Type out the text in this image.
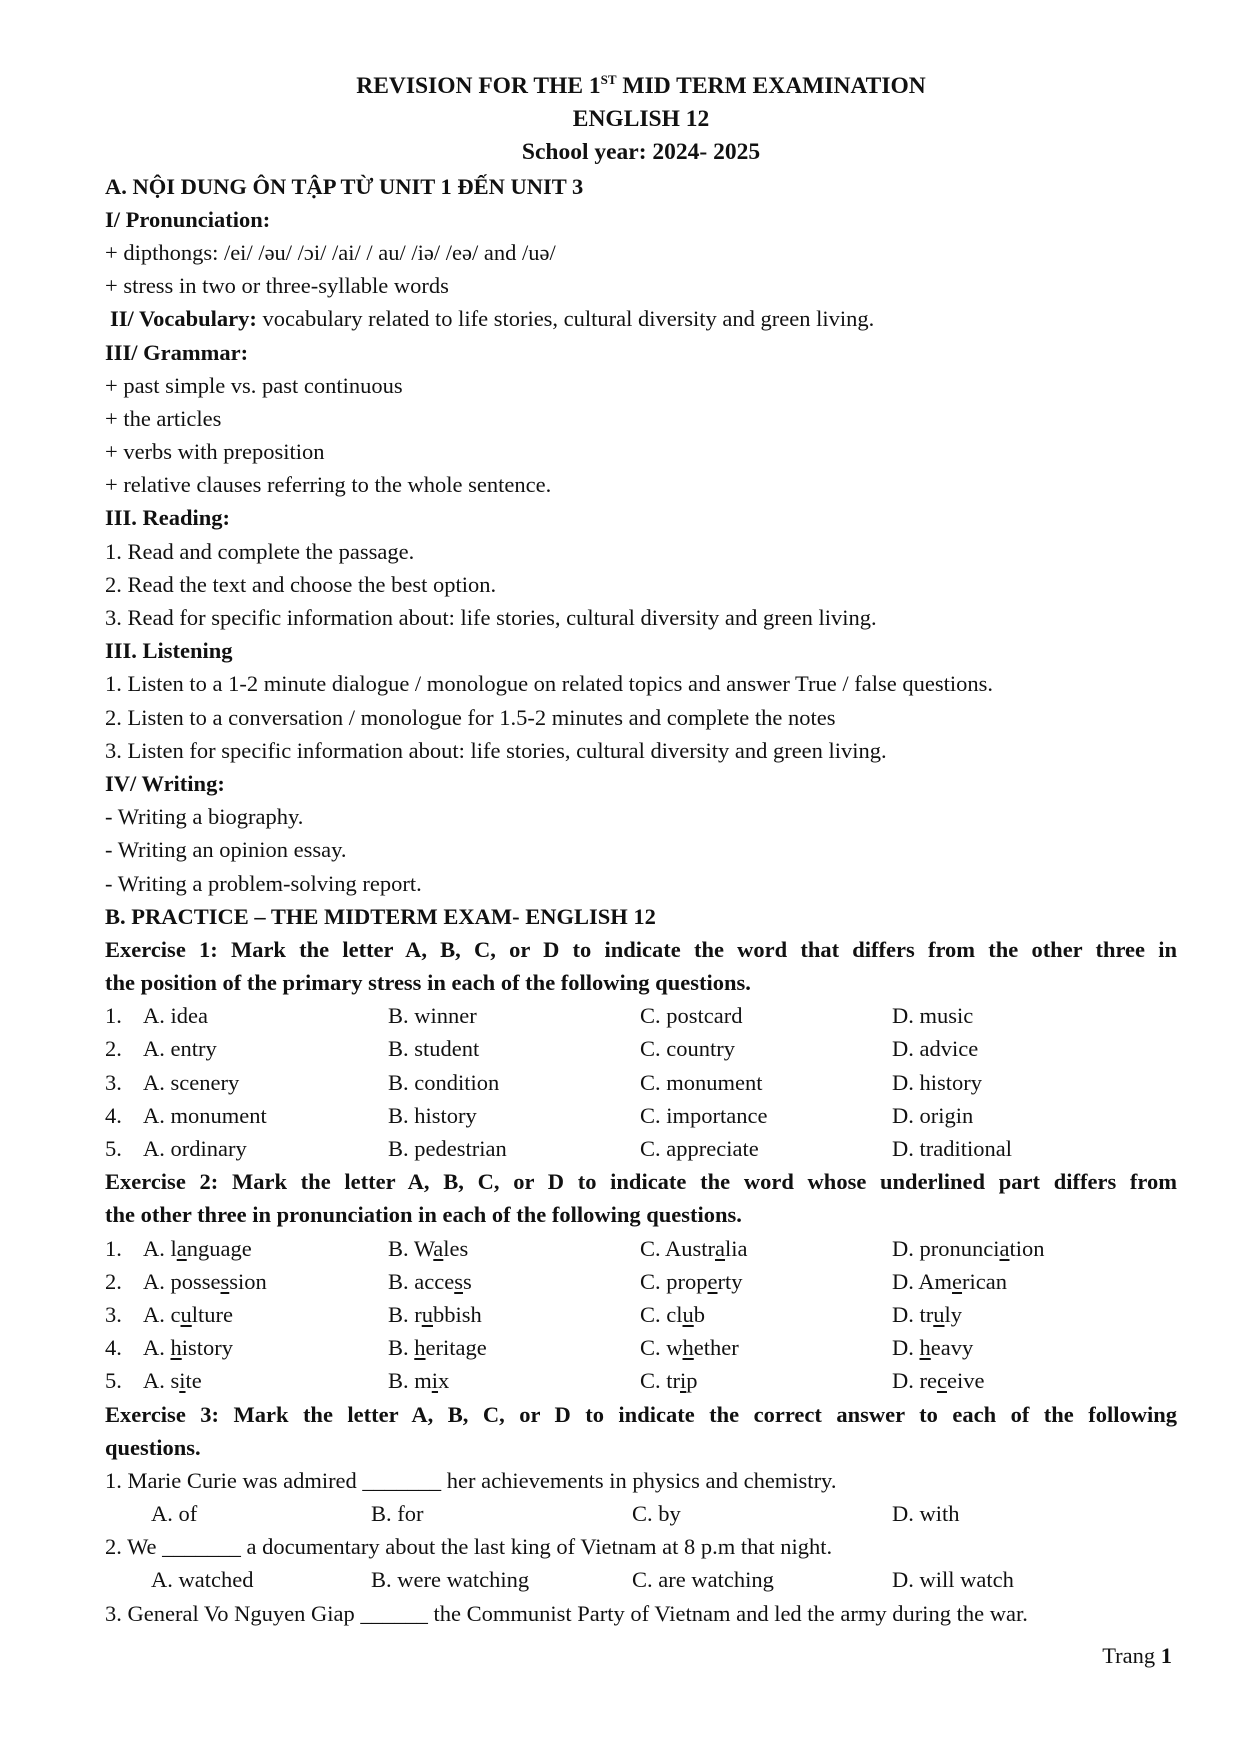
REVISION FOR THE 1ST MID TERM EXAMINATION
ENGLISH 12
School year: 2024- 2025
A. NỘI DUNG ÔN TẬP TỪ UNIT 1 ĐẾN UNIT 3
I/ Pronunciation:
+ dipthongs: /ei/ /əu/ /ɔi/ /ai/ / au/ /iə/ /eə/ and /uə/
+ stress in two or three-syllable words
II/ Vocabulary: vocabulary related to life stories, cultural diversity and green living.
III/ Grammar:
+ past simple vs. past continuous
+ the articles
+ verbs with preposition
+ relative clauses referring to the whole sentence.
III. Reading:
1. Read and complete the passage.
2. Read the text and choose the best option.
3. Read for specific information about: life stories, cultural diversity and green living.
III. Listening
1. Listen to a 1-2 minute dialogue / monologue on related topics and answer True / false questions.
2. Listen to a conversation / monologue for 1.5-2 minutes and complete the notes
3. Listen for specific information about: life stories, cultural diversity and green living.
IV/ Writing:
- Writing a biography.
- Writing an opinion essay.
- Writing a problem-solving report.
B. PRACTICE – THE MIDTERM EXAM- ENGLISH 12
Exercise 1: Mark the letter A, B, C, or D to indicate the word that differs from the other three in
the position of the primary stress in each of the following questions.
1. A. idea	B. winner	C. postcard	D. music
2. A. entry	B. student	C. country	D. advice
3. A. scenery	B. condition	C. monument	D. history
4. A. monument	B. history	C. importance	D. origin
5. A. ordinary	B. pedestrian	C. appreciate	D. traditional
Exercise 2: Mark the letter A, B, C, or D to indicate the word whose underlined part differs from
the other three in pronunciation in each of the following questions.
1. A. language	B. Wales	C. Australia	D. pronunciation
2. A. possession	B. access	C. property	D. American
3. A. culture	B. rubbish	C. club	D. truly
4. A. history	B. heritage	C. whether	D. heavy
5. A. site	B. mix	C. trip	D. receive
Exercise 3: Mark the letter A, B, C, or D to indicate the correct answer to each of the following
questions.
1. Marie Curie was admired _______ her achievements in physics and chemistry.
A. of	B. for	C. by	D. with
2. We _______ a documentary about the last king of Vietnam at 8 p.m that night.
A. watched	B. were watching	C. are watching	D. will watch
3. General Vo Nguyen Giap ______ the Communist Party of Vietnam and led the army during the war.
Trang 1
